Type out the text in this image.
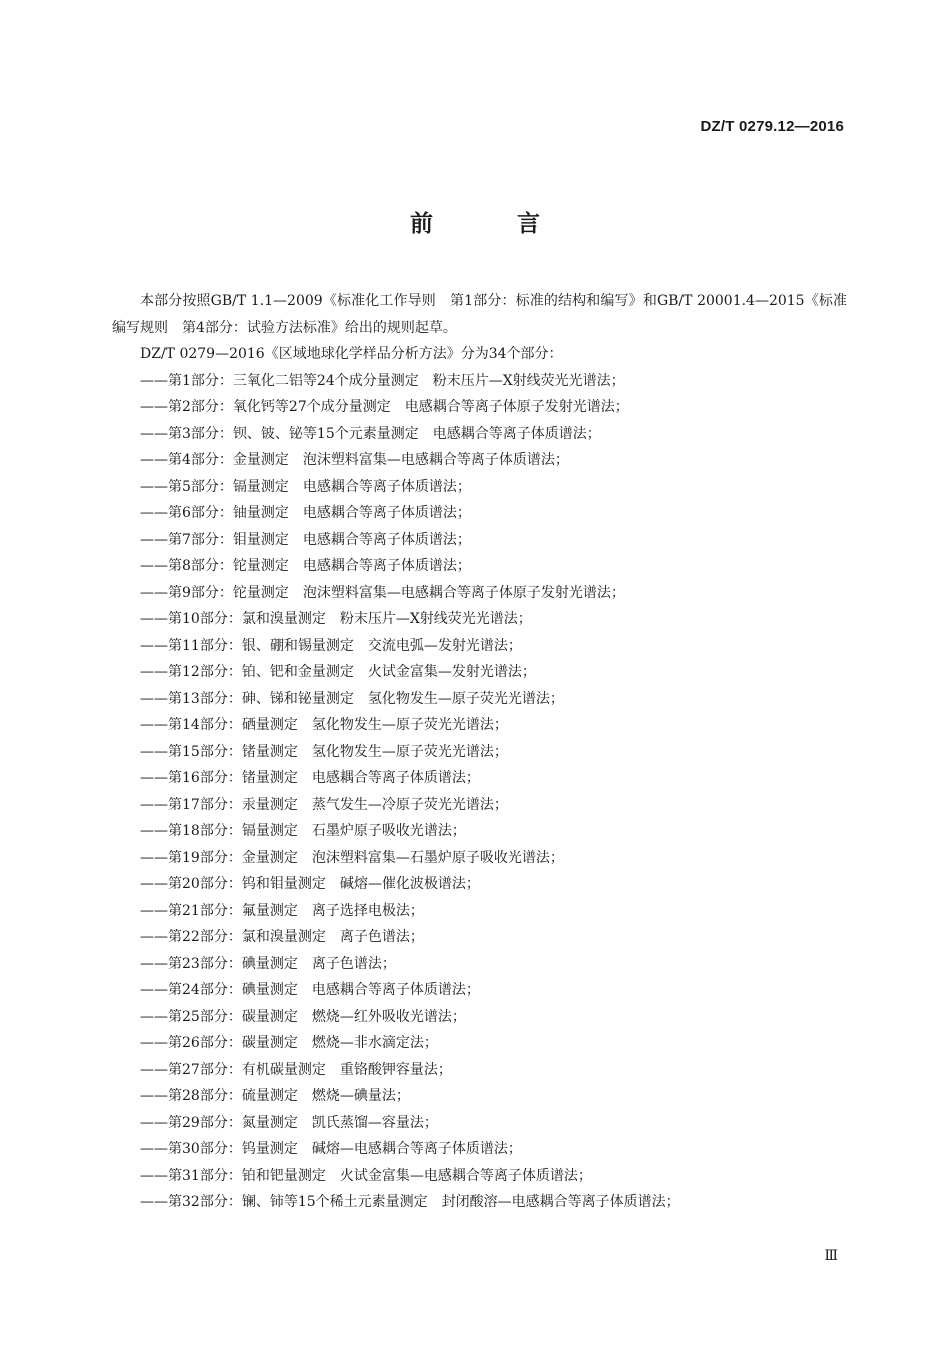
DZ/T 0279.12—2016
前 言

本部分按照GB/T 1.1—2009《标准化工作导则　第1部分：标准的结构和编写》和GB/T 20001.4—2015《标准编写规则　第4部分：试验方法标准》给出的规则起草。

DZ/T 0279—2016《区域地球化学样品分析方法》分为34个部分：

——第1部分：三氧化二铝等24个成分量测定　粉末压片—X射线荧光光谱法；
——第2部分：氧化钙等27个成分量测定　电感耦合等离子体原子发射光谱法；
——第3部分：钡、铍、铋等15个元素量测定　电感耦合等离子体质谱法；
——第4部分：金量测定　泡沫塑料富集—电感耦合等离子体质谱法；
——第5部分：镉量测定　电感耦合等离子体质谱法；
——第6部分：铀量测定　电感耦合等离子体质谱法；
——第7部分：钼量测定　电感耦合等离子体质谱法；
——第8部分：铊量测定　电感耦合等离子体质谱法；
——第9部分：铊量测定　泡沫塑料富集—电感耦合等离子体原子发射光谱法；
——第10部分：氯和溴量测定　粉末压片—X射线荧光光谱法；
——第11部分：银、硼和锡量测定　交流电弧—发射光谱法；
——第12部分：铂、钯和金量测定　火试金富集—发射光谱法；
——第13部分：砷、锑和铋量测定　氢化物发生—原子荧光光谱法；
——第14部分：硒量测定　氢化物发生—原子荧光光谱法；
——第15部分：锗量测定　氢化物发生—原子荧光光谱法；
——第16部分：锗量测定　电感耦合等离子体质谱法；
——第17部分：汞量测定　蒸气发生—冷原子荧光光谱法；
——第18部分：镉量测定　石墨炉原子吸收光谱法；
——第19部分：金量测定　泡沫塑料富集—石墨炉原子吸收光谱法；
——第20部分：钨和钼量测定　碱熔—催化波极谱法；
——第21部分：氟量测定　离子选择电极法；
——第22部分：氯和溴量测定　离子色谱法；
——第23部分：碘量测定　离子色谱法；
——第24部分：碘量测定　电感耦合等离子体质谱法；
——第25部分：碳量测定　燃烧—红外吸收光谱法；
——第26部分：碳量测定　燃烧—非水滴定法；
——第27部分：有机碳量测定　重铬酸钾容量法；
——第28部分：硫量测定　燃烧—碘量法；
——第29部分：氮量测定　凯氏蒸馏—容量法；
——第30部分：钨量测定　碱熔—电感耦合等离子体质谱法；
——第31部分：铂和钯量测定　火试金富集—电感耦合等离子体质谱法；
——第32部分：镧、铈等15个稀土元素量测定　封闭酸溶—电感耦合等离子体质谱法；
Ⅲ
